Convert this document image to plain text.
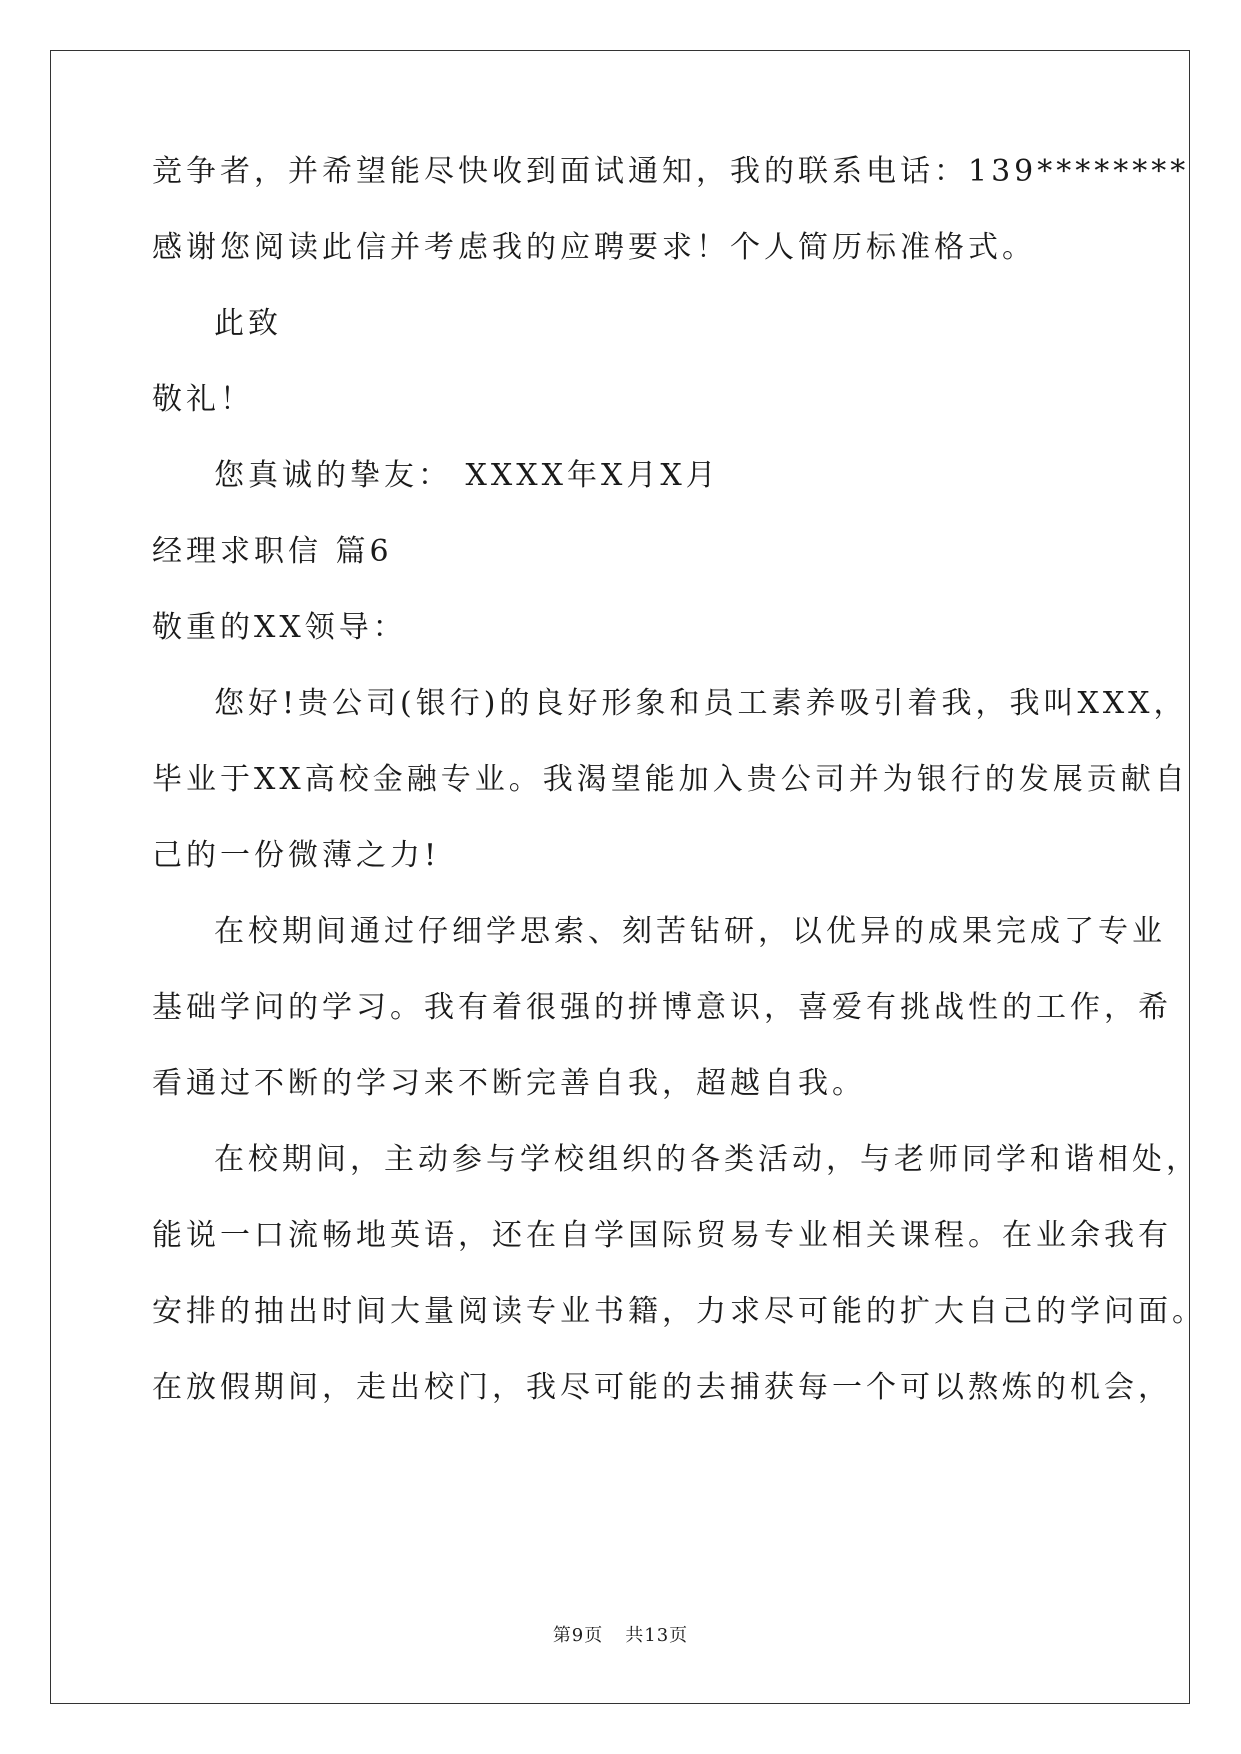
竞争者，并希望能尽快收到面试通知，我的联系电话：139********
感谢您阅读此信并考虑我的应聘要求！个人简历标准格式。
此致
敬礼！
您真诚的挚友： XXXX年X月X月
经理求职信 篇6
敬重的XX领导：
您好!贵公司(银行)的良好形象和员工素养吸引着我，我叫XXX，
毕业于XX高校金融专业。我渴望能加入贵公司并为银行的发展贡献自
己的一份微薄之力!
在校期间通过仔细学思索、刻苦钻研，以优异的成果完成了专业
基础学问的学习。我有着很强的拼博意识，喜爱有挑战性的工作，希
看通过不断的学习来不断完善自我，超越自我。
在校期间，主动参与学校组织的各类活动，与老师同学和谐相处，
能说一口流畅地英语，还在自学国际贸易专业相关课程。在业余我有
安排的抽出时间大量阅读专业书籍，力求尽可能的扩大自己的学问面。
在放假期间，走出校门，我尽可能的去捕获每一个可以熬炼的机会，
第9页 共13页
